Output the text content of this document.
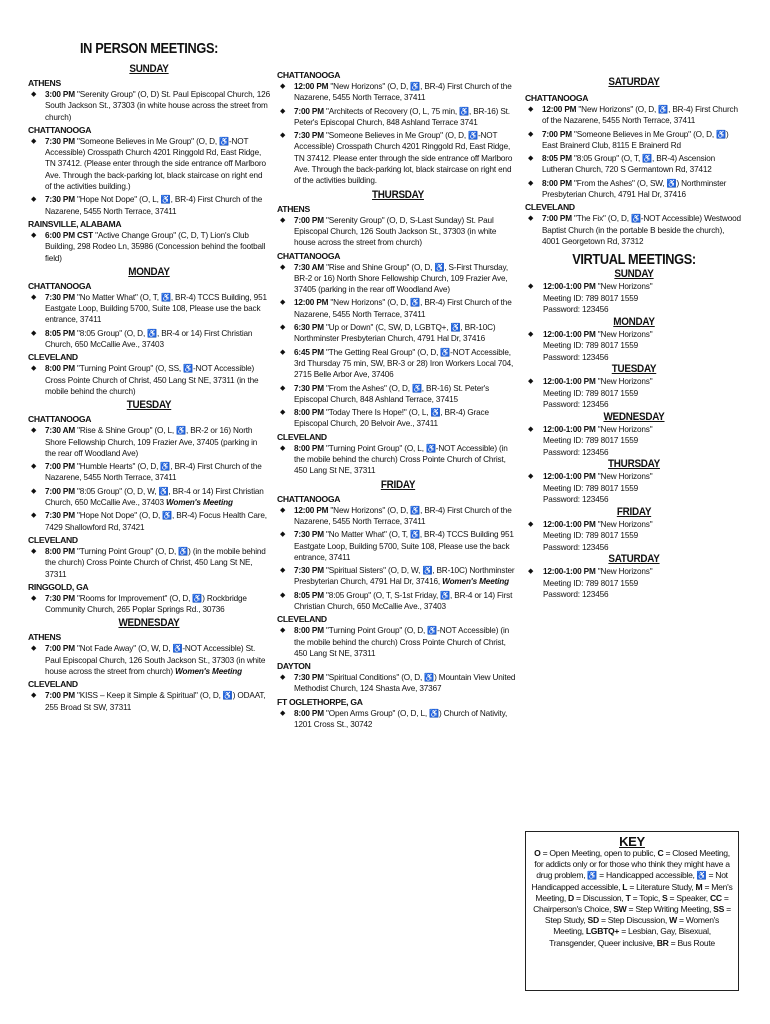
IN PERSON MEETINGS:
SUNDAY
ATHENS
◆ 3:00 PM "Serenity Group" (O, D) St. Paul Episcopal Church, 126 South Jackson St., 37303 (in white house across the street from church)
CHATTANOOGA
◆ 7:30 PM "Someone Believes in Me Group" (O, D, ♿-NOT Accessible) Crosspath Church 4201 Ringgold Rd, East Ridge, TN 37412. (Please enter through the side entrance off Marlboro Ave. Through the back-parking lot, black staircase on right end of the activities building.)
◆ 7:30 PM "Hope Not Dope" (O, L, ♿, BR-4) First Church of the Nazarene, 5455 North Terrace, 37411
RAINSVILLE, ALABAMA
◆ 6:00 PM CST "Active Change Group" (C, D, T) Lion's Club Building, 298 Rodeo Ln, 35986 (Concession behind the football field)
MONDAY
CHATTANOOGA
◆ 7:30 PM "No Matter What" (O, T, ♿, BR-4) TCCS Building, 951 Eastgate Loop, Building 5700, Suite 108, Please use the back entrance, 37411
◆ 8:05 PM "8:05 Group" (O, D, ♿, BR-4 or 14) First Christian Church, 650 McCallie Ave., 37403
CLEVELAND
◆ 8:00 PM "Turning Point Group" (O, SS, ♿-NOT Accessible) Cross Pointe Church of Christ, 450 Lang St NE, 37311 (in the mobile behind the church)
TUESDAY
CHATTANOOGA
◆ 7:30 AM "Rise & Shine Group" (O, L, ♿, BR-2 or 16) North Shore Fellowship Church, 109 Frazier Ave, 37405 (parking in the rear off Woodland Ave)
◆ 7:00 PM "Humble Hearts" (O, D, ♿, BR-4) First Church of the Nazarene, 5455 North Terrace, 37411
◆ 7:00 PM "8:05 Group" (O, D, W, ♿, BR-4 or 14) First Christian Church, 650 McCallie Ave., 37403 Women's Meeting
◆ 7:30 PM "Hope Not Dope" (O, D, ♿, BR-4) Focus Health Care, 7429 Shallowford Rd, 37421
CLEVELAND
◆ 8:00 PM "Turning Point Group" (O, D, ♿) (in the mobile behind the church) Cross Pointe Church of Christ, 450 Lang St NE, 37311
RINGGOLD, GA
◆ 7:30 PM "Rooms for Improvement" (O, D, ♿) Rockbridge Community Church, 265 Poplar Springs Rd., 30736
WEDNESDAY
ATHENS
◆ 7:00 PM "Not Fade Away" (O, W, D, ♿-NOT Accessible) St. Paul Episcopal Church, 126 South Jackson St., 37303 (in white house across the street from church) Women's Meeting
CLEVELAND
◆ 7:00 PM "KISS – Keep it Simple & Spiritual" (O, D, ♿) ODAAT, 255 Broad St SW, 37311
CHATTANOOGA
◆ 12:00 PM "New Horizons" (O, D, ♿, BR-4) First Church of the Nazarene, 5455 North Terrace, 37411
◆ 7:00 PM "Architects of Recovery (O, L, 75 min, ♿, BR-16) St. Peter's Episcopal Church, 848 Ashland Terrace 3741
◆ 7:30 PM "Someone Believes in Me Group" (O, D, ♿-NOT Accessible) Crosspath Church 4201 Ringgold Rd, East Ridge, TN 37412. Please enter through the side entrance off Marlboro Ave. Through the back-parking lot, black staircase on right end of the activities building.
THURSDAY
ATHENS
◆ 7:00 PM "Serenity Group" (O, D, S-Last Sunday) St. Paul Episcopal Church, 126 South Jackson St., 37303 (in white house across the street from church)
CHATTANOOGA
◆ 7:30 AM "Rise and Shine Group" (O, D, ♿, S-First Thursday, BR-2 or 16) North Shore Fellowship Church, 109 Frazier Ave, 37405 (parking in the rear off Woodland Ave)
◆ 12:00 PM "New Horizons" (O, D, ♿, BR-4) First Church of the Nazarene, 5455 North Terrace, 37411
◆ 6:30 PM "Up or Down" (C, SW, D, LGBTQ+, ♿, BR-10C) Northminster Presbyterian Church, 4791 Hal Dr, 37416
◆ 6:45 PM "The Getting Real Group" (O, D, ♿-NOT Accessible, 3rd Thursday 75 min, SW, BR-3 or 28) Iron Workers Local 704, 2715 Belle Arbor Ave, 37406
◆ 7:30 PM "From the Ashes" (O, D, ♿, BR-16) St. Peter's Episcopal Church, 848 Ashland Terrace, 37415
◆ 8:00 PM "Today There Is Hope!" (O, L, ♿, BR-4) Grace Episcopal Church, 20 Belvoir Ave., 37411
CLEVELAND
◆ 8:00 PM "Turning Point Group" (O, L, ♿-NOT Accessible) (in the mobile behind the church) Cross Pointe Church of Christ, 450 Lang St NE, 37311
FRIDAY
CHATTANOOGA
◆ 12:00 PM "New Horizons" (O, D, ♿, BR-4) First Church of the Nazarene, 5455 North Terrace, 37411
◆ 7:30 PM "No Matter What" (O, T, ♿, BR-4) TCCS Building 951 Eastgate Loop, Building 5700, Suite 108, Please use the back entrance, 37411
◆ 7:30 PM "Spiritual Sisters" (O, D, W, ♿, BR-10C) Northminster Presbyterian Church, 4791 Hal Dr, 37416, Women's Meeting
◆ 8:05 PM "8:05 Group" (O, T, S-1st Friday, ♿, BR-4 or 14) First Christian Church, 650 McCallie Ave., 37403
CLEVELAND
◆ 8:00 PM "Turning Point Group" (O, D, ♿-NOT Accessible) (in the mobile behind the church) Cross Pointe Church of Christ, 450 Lang St NE, 37311
DAYTON
◆ 7:30 PM "Spiritual Conditions" (O, D, ♿) Mountain View United Methodist Church, 124 Shasta Ave, 37367
FT OGLETHORPE, GA
◆ 8:00 PM "Open Arms Group" (O, D, L, ♿) Church of Nativity, 1201 Cross St., 30742
SATURDAY
CHATTANOOGA
◆ 12:00 PM "New Horizons" (O, D, ♿, BR-4) First Church of the Nazarene, 5455 North Terrace, 37411
◆ 7:00 PM "Someone Believes in Me Group" (O, D, ♿) East Brainerd Club, 8115 E Brainerd Rd
◆ 8:05 PM "8:05 Group" (O, T, ♿, BR-4) Ascension Lutheran Church, 720 S Germantown Rd, 37412
◆ 8:00 PM "From the Ashes" (O, SW, ♿) Northminster Presbyterian Church, 4791 Hal Dr, 37416
CLEVELAND
◆ 7:00 PM "The Fix" (O, D, ♿-NOT Accessible) Westwood Baptist Church (in the portable B beside the church), 4001 Georgetown Rd, 37312
VIRTUAL MEETINGS:
SUNDAY
◆ 12:00-1:00 PM "New Horizons"
Meeting ID: 789 8017 1559
Password: 123456
MONDAY
◆ 12:00-1:00 PM "New Horizons"
Meeting ID: 789 8017 1559
Password: 123456
TUESDAY
◆ 12:00-1:00 PM "New Horizons"
Meeting ID: 789 8017 1559
Password: 123456
WEDNESDAY
◆ 12:00-1:00 PM "New Horizons"
Meeting ID: 789 8017 1559
Password: 123456
THURSDAY
◆ 12:00-1:00 PM "New Horizons"
Meeting ID: 789 8017 1559
Password: 123456
FRIDAY
◆ 12:00-1:00 PM "New Horizons"
Meeting ID: 789 8017 1559
Password: 123456
SATURDAY
◆ 12:00-1:00 PM "New Horizons"
Meeting ID: 789 8017 1559
Password: 123456
KEY
O = Open Meeting, open to public, C = Closed Meeting, for addicts only or for those who think they might have a drug problem, ♿ = Handicapped accessible, ♿ = Not Handicapped accessible, L = Literature Study, M = Men's Meeting, D = Discussion, T = Topic, S = Speaker, CC = Chairperson's Choice, SW = Step Writing Meeting, SS = Step Study, SD = Step Discussion, W = Women's Meeting, LGBTQ+ = Lesbian, Gay, Bisexual, Transgender, Queer inclusive, BR = Bus Route
